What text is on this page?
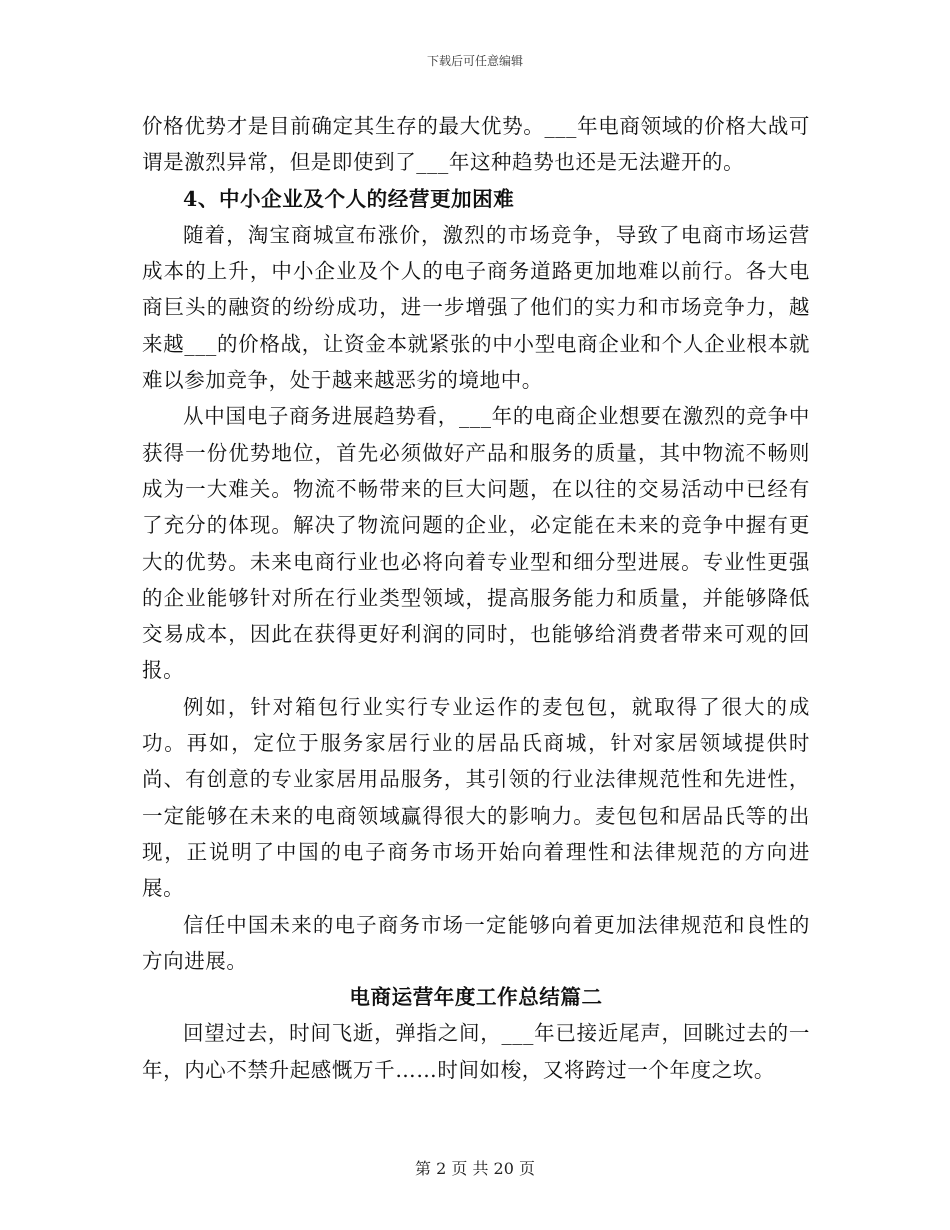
下载后可任意编辑

价格优势才是目前确定其生存的最大优势。___年电商领域的价格大战可谓是激烈异常，但是即使到了___年这种趋势也还是无法避开的。

4、中小企业及个人的经营更加困难

随着，淘宝商城宣布涨价，激烈的市场竞争，导致了电商市场运营成本的上升，中小企业及个人的电子商务道路更加地难以前行。各大电商巨头的融资的纷纷成功，进一步增强了他们的实力和市场竞争力，越来越___的价格战，让资金本就紧张的中小型电商企业和个人企业根本就难以参加竞争，处于越来越恶劣的境地中。

从中国电子商务进展趋势看，___年的电商企业想要在激烈的竞争中获得一份优势地位，首先必须做好产品和服务的质量，其中物流不畅则成为一大难关。物流不畅带来的巨大问题，在以往的交易活动中已经有了充分的体现。解决了物流问题的企业，必定能在未来的竞争中握有更大的优势。未来电商行业也必将向着专业型和细分型进展。专业性更强的企业能够针对所在行业类型领域，提高服务能力和质量，并能够降低交易成本，因此在获得更好利润的同时，也能够给消费者带来可观的回报。

例如，针对箱包行业实行专业运作的麦包包，就取得了很大的成功。再如，定位于服务家居行业的居品氏商城，针对家居领域提供时尚、有创意的专业家居用品服务，其引领的行业法律规范性和先进性，一定能够在未来的电商领域赢得很大的影响力。麦包包和居品氏等的出现，正说明了中国的电子商务市场开始向着理性和法律规范的方向进展。

信任中国未来的电子商务市场一定能够向着更加法律规范和良性的方向进展。

电商运营年度工作总结篇二

回望过去，时间飞逝，弹指之间，___年已接近尾声，回眺过去的一年，内心不禁升起感慨万千……时间如梭，又将跨过一个年度之坎。

第 2 页 共 20 页
